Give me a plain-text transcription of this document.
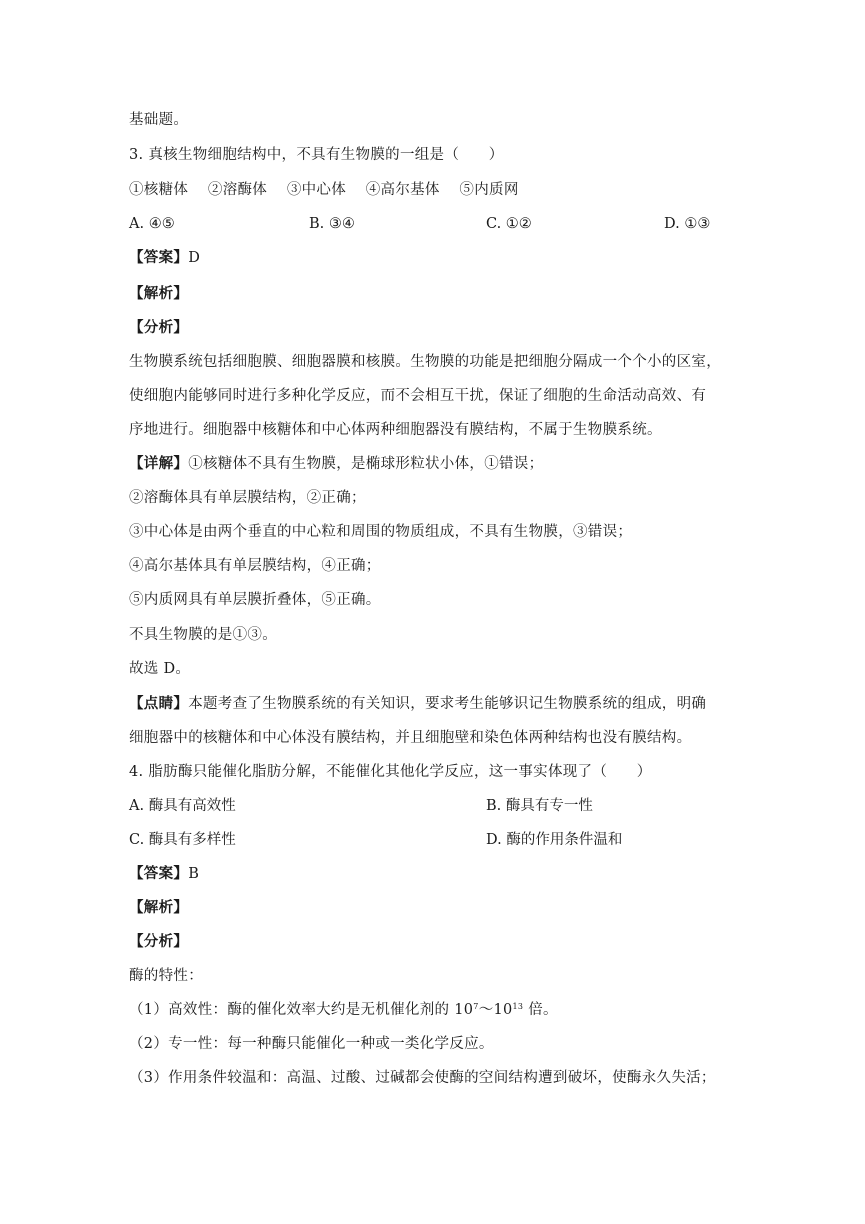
基础题。
3. 真核生物细胞结构中，不具有生物膜的一组是（　　）
①核糖体　 ②溶酶体　 ③中心体　 ④高尔基体　 ⑤内质网
A. ④⑤	B. ③④	C. ①②	D. ①③
【答案】D
【解析】
【分析】
生物膜系统包括细胞膜、细胞器膜和核膜。生物膜的功能是把细胞分隔成一个个小的区室，
使细胞内能够同时进行多种化学反应，而不会相互干扰，保证了细胞的生命活动高效、有
序地进行。细胞器中核糖体和中心体两种细胞器没有膜结构，不属于生物膜系统。
【详解】①核糖体不具有生物膜，是椭球形粒状小体，①错误；
②溶酶体具有单层膜结构，②正确；
③中心体是由两个垂直的中心粒和周围的物质组成，不具有生物膜，③错误；
④高尔基体具有单层膜结构，④正确；
⑤内质网具有单层膜折叠体，⑤正确。
不具生物膜的是①③。
故选 D。
【点睛】本题考查了生物膜系统的有关知识，要求考生能够识记生物膜系统的组成，明确
细胞器中的核糖体和中心体没有膜结构，并且细胞壁和染色体两种结构也没有膜结构。
4. 脂肪酶只能催化脂肪分解，不能催化其他化学反应，这一事实体现了（　　）
A. 酶具有高效性	B. 酶具有专一性
C. 酶具有多样性	D. 酶的作用条件温和
【答案】B
【解析】
【分析】
酶的特性：
（1）高效性：酶的催化效率大约是无机催化剂的 $10^7\sim 10^{13}$ 倍。
（2）专一性：每一种酶只能催化一种或一类化学反应。
（3）作用条件较温和：高温、过酸、过碱都会使酶的空间结构遭到破坏，使酶永久失活；
